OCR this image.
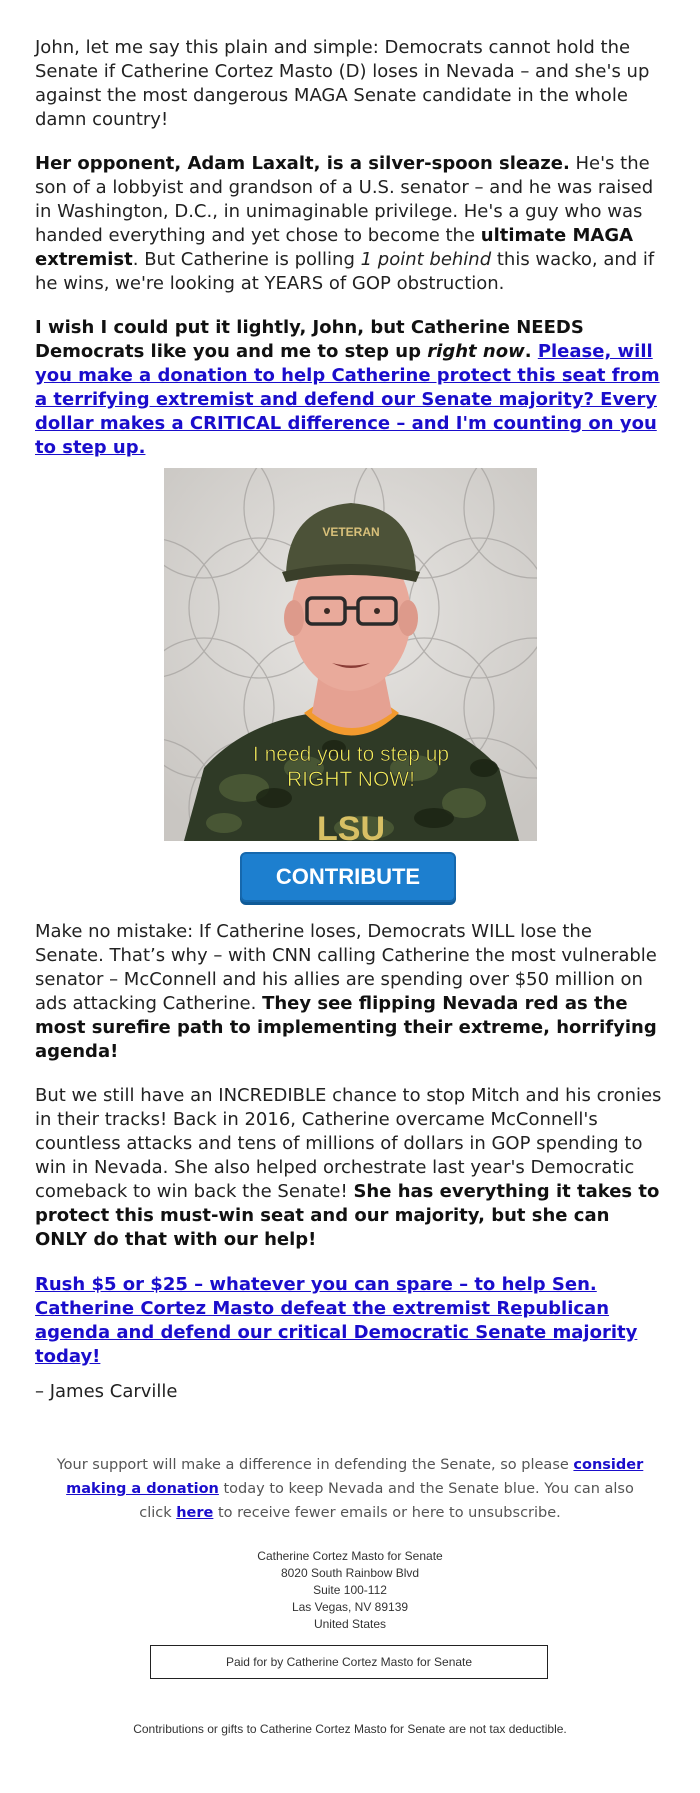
John, let me say this plain and simple: Democrats cannot hold the Senate if Catherine Cortez Masto (D) loses in Nevada – and she's up against the most dangerous MAGA Senate candidate in the whole damn country!

Her opponent, Adam Laxalt, is a silver-spoon sleaze. He's the son of a lobbyist and grandson of a U.S. senator – and he was raised in Washington, D.C., in unimaginable privilege. He's a guy who was handed everything and yet chose to become the ultimate MAGA extremist. But Catherine is polling 1 point behind this wacko, and if he wins, we're looking at YEARS of GOP obstruction.

I wish I could put it lightly, John, but Catherine NEEDS Democrats like you and me to step up right now. Please, will you make a donation to help Catherine protect this seat from a terrifying extremist and defend our Senate majority? Every dollar makes a CRITICAL difference – and I'm counting on you to step up.

VETERAN
LSU
I need you to step up
RIGHT NOW!
CONTRIBUTE

Make no mistake: If Catherine loses, Democrats WILL lose the Senate. That’s why – with CNN calling Catherine the most vulnerable senator – McConnell and his allies are spending over $50 million on ads attacking Catherine. They see flipping Nevada red as the most surefire path to implementing their extreme, horrifying agenda!

But we still have an INCREDIBLE chance to stop Mitch and his cronies in their tracks! Back in 2016, Catherine overcame McConnell's countless attacks and tens of millions of dollars in GOP spending to win in Nevada. She also helped orchestrate last year's Democratic comeback to win back the Senate! She has everything it takes to protect this must-win seat and our majority, but she can ONLY do that with our help!

Rush $5 or $25 – whatever you can spare – to help Sen. Catherine Cortez Masto defeat the extremist Republican agenda and defend our critical Democratic Senate majority today!

– James Carville

Your support will make a difference in defending the Senate, so please consider making a donation today to keep Nevada and the Senate blue. You can also click here to receive fewer emails or here to unsubscribe.
Catherine Cortez Masto for Senate
8020 South Rainbow Blvd
Suite 100-112
Las Vegas, NV 89139
United States
Paid for by Catherine Cortez Masto for Senate
Contributions or gifts to Catherine Cortez Masto for Senate are not tax deductible.
